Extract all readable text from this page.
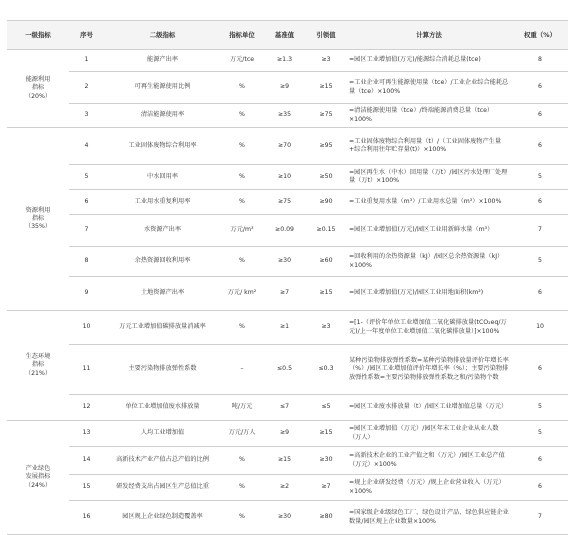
一级指标	序号	二级指标	指标单位	基准值	引领值	计算方法	权重（%）
能源利用
指标
（20%）	1	能源产出率	万元/tce	≥1.3	≥3	=园区工业增加值(万元)/能源综合消耗总量(tce)	8
	2	可再生能源使用比例	%	≥9	≥15	=工业企业可再生能源使用量（tce）/工业企业综合能耗总量（tce）×100%	6
	3	清洁能源使用率	%	≥35	≥75	=清洁能源使用量（tce）/终端能源消费总量（tce）×100%	6
资源利用
指标
（35%）	4	工业固体废物综合利用率	%	≥70	≥95	=工业固体废物综合利用量（t）/（工业固体废物产生量+综合利用往年贮存量(t)）×100%	6
	5	中水回用率	%	≥10	≥50	=园区再生水（中水）回用量（万t）/园区污水处理厂处理量（万t）×100%	5
	6	工业用水重复利用率	%	≥75	≥90	=工业重复用水量（m³）/工业用水总量（m³）×100%	6
	7	水资源产出率	万元/m³	≥0.09	≥0.15	=园区工业增加值(万元)/园区工业用新鲜水量（m³）	7
	8	余热资源回收利用率	%	≥30	≥60	=回收利用的余热资源量（kJ）/园区总余热资源量（kJ）×100%	5
	9	土地资源产出率	万元/ km²	≥7	≥15	=园区工业增加值(万元)/园区工业用地面积(km²)	6
生态环境
指标
（21%）	10	万元工业增加值碳排放量消减率	%	≥1	≥3	=[1-（评价年单位工业增加值二氧化碳排放量(tCO₂eq/万元)/上一年度单位工业增加值二氧化碳排放量）]×100%	10
	11	主要污染物排放弹性系数	–	≤0.5	≤0.3	某种污染物排放弹性系数=某种污染物排放量评价年增长率（%）/园区工业增加值评价年增长率（%）；主要污染物排放弹性系数=主要污染物排放弹性系数之和/污染物个数	6
	12	单位工业增加值废水排放量	吨/万元	≤7	≤5	=园区工业废水排放量（t）/园区工业增加值总量（万元）	5
产业绿色
发展指标
（24%）	13	人均工业增加值	万元/万人	≥9	≥15	=园区工业增加值（万元）/园区年末工业企业从业人数（万人）	5
	14	高新技术产业产值占总产值的比例	%	≥15	≥30	=高新技术企业的工业产值之和（万元）/园区工业总产值（万元）×100%	6
	15	研发经费支出占园区生产总值比重	%	≥2	≥7	=规上企业研发经费（万元）/规上企业营业收入（万元）×100%	6
	16	园区规上企业绿色制造覆盖率	%	≥30	≥80	=国家级企业级绿色工厂、绿色设计产品、绿色供应链企业数量/园区规上企业数量×100%	7
